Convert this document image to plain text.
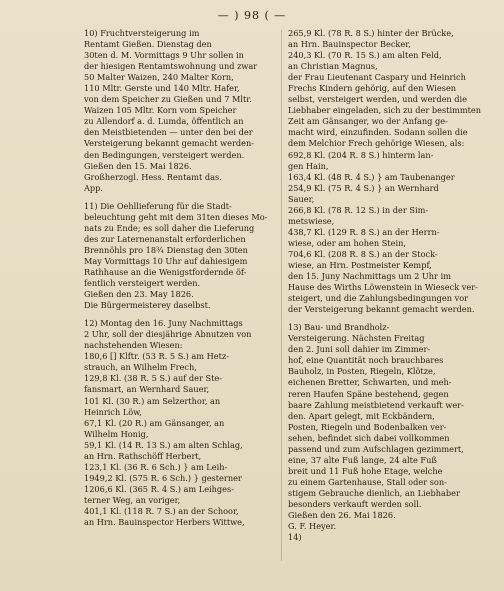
— ) 98 ( —

10) Fruchtversteigerung im

Rentamt Gießen. Dienstag den

30ten d. M. Vormittags 9 Uhr sollen in

der hiesigen Rentamtswohnung und zwar

50 Malter Waizen, 240 Malter Korn,

110 Mltr. Gerste und 140 Mltr. Hafer,

von dem Speicher zu Gießen und 7 Mltr.

Waizen 105 Mltr. Korn vom Speicher

zu Allendorf a. d. Lumda, öffentlich an

den Meistbietenden — unter den bei der

Versteigerung bekannt gemacht werden-

den Bedingungen, versteigert werden.

Gießen den 15. Mai 1826.

Großherzogl. Hess. Rentamt das.

App.

11) Die Oehllieferung für die Stadt-

beleuchtung geht mit dem 31ten dieses Mo-

nats zu Ende; es soll daher die Lieferung

des zur Laternenanstalt erforderlichen

Brennöhls pro 18¾ Dienstag den 30ten

May Vormittags 10 Uhr auf dahiesigem

Rathhause an die Wenigstfordernde öf-

fentlich versteigert werden.

Gießen den 23. May 1826.

Die Bürgermeisterey daselbst.

12) Montag den 16. Juny Nachmittags

2 Uhr, soll der diesjährige Abnutzen von

nachstehenden Wiesen:

180,6 [] Klftr. (53 R. 5 S.) am Hetz-

strauch, an Wilhelm Frech,

129,8 Kl. (38 R. 5 S.) auf der Ste-

fansmart, an Wernhard Sauer,

101 Kl. (30 R.) am Selzerthor, an

Heinrich Löw,

67,1 Kl. (20 R.) am Gänsanger, an

Wilhelm Honig,

59,1 Kl. (14 R. 13 S.) am alten Schlag,

an Hrn. Rathschöff Herbert,

123,1 Kl. (36 R. 6 Sch.) } am Leih-

1949,2 Kl. (575 R. 6 Sch.) } gesterner

1206,6 Kl. (365 R. 4 S.) am Leihges-

terner Weg, an voriger,

401,1 Kl. (118 R. 7 S.) an der Schoor,

an Hrn. Bauinspector Herbers Wittwe,

265,9 Kl. (78 R. 8 S.) hinter der Brücke,

an Hrn. Bauinspector Becker,

240,3 Kl. (70 R. 15 S.) am alten Feld,

an Christian Magnus,

der Frau Lieutenant Caspary und Heinrich

Frechs Kindern gehörig, auf den Wiesen

selbst, versteigert werden, und werden die

Liebhaber eingeladen, sich zu der bestimmten

Zeit am Gänsanger, wo der Anfang ge-

macht wird, einzufinden. Sodann sollen die

dem Melchior Frech gehörige Wiesen, als:

692,8 Kl. (204 R. 8 S.) hinterm lan-

gen Hain,

163,4 Kl. (48 R. 4 S.) } am Taubenanger

254,9 Kl. (75 R. 4 S.) } an Wernhard

Sauer,

266,8 Kl. (78 R. 12 S.) in der Sim-

metswiese,

438,7 Kl. (129 R. 8 S.) an der Herrn-

wiese, oder am hohen Stein,

704,6 Kl. (208 R. 8 S.) an der Stock-

wiese, an Hrn. Postmeister Kempf,

den 15. Juny Nachmittags um 2 Uhr im

Hause des Wirths Löwenstein in Wieseck ver-

steigert, und die Zahlungsbedingungen vor

der Versteigerung bekannt gemacht werden.

13) Bau- und Brandholz-

Versteigerung. Nächsten Freitag

den 2. Juni soll dahier im Zimmer-

hof, eine Quantität noch brauchbares

Bauholz, in Posten, Riegeln, Klötze,

eichenen Bretter, Schwarten, und meh-

reren Haufen Späne bestehend, gegen

baare Zahlung meistbietend verkauft wer-

den. Apart gelegt, mit Eckbändern,

Posten, Riegeln und Bodenbalken ver-

sehen, befindet sich dabei vollkommen

passend und zum Aufschlagen gezimmert,

eine, 37 alte Fuß lange, 24 alte Fuß

breit und 11 Fuß hohe Etage, welche

zu einem Gartenhause, Stall oder son-

stigem Gebrauche dienlich, an Liebhaber

besonders verkauft werden soll.

Gießen den 26. Mai 1826.

G. F. Heyer.

14)
